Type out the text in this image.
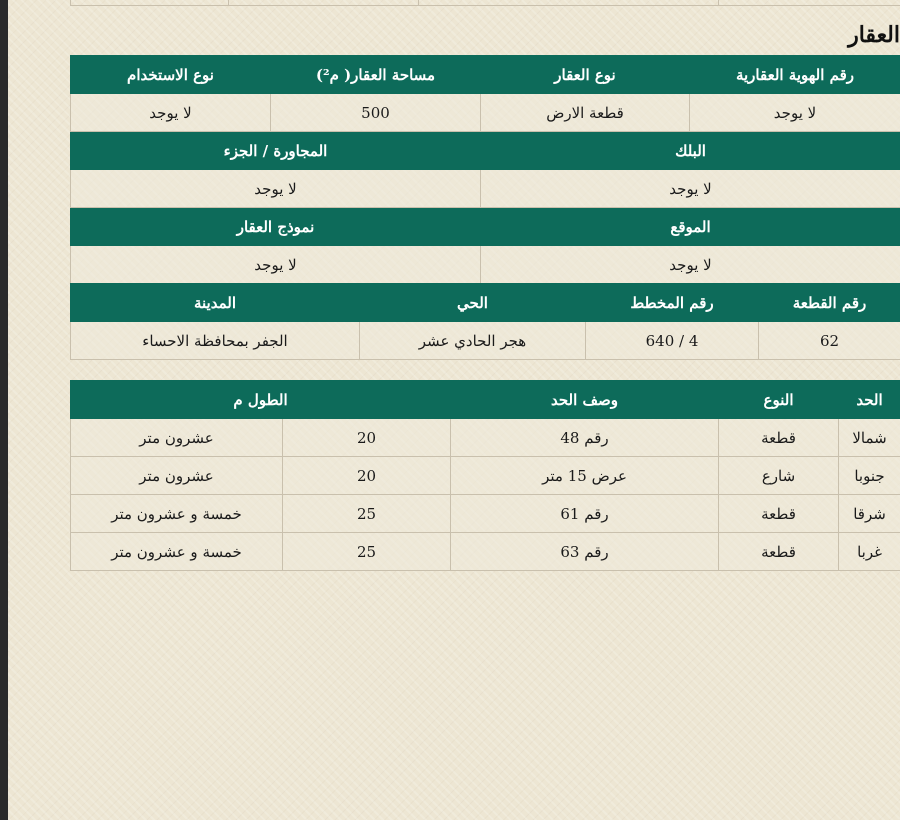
العقار
رقم الهوية العقارية	نوع العقار	مساحة العقار( م²)	نوع الاستخدام
لا يوجد	قطعة الارض	500	لا يوجد
البلك		المجاورة / الجزء	
لا يوجد		لا يوجد	
الموقع		نموذج العقار	
لا يوجد		لا يوجد	
رقم القطعة	رقم المخطط	الحي	المدينة
62	4 / 640	هجر الحادي عشر	الجفر بمحافظة الاحساء
الحد	النوع	وصف الحد	الطول م	
شمالا	قطعة	رقم 48	20	عشرون متر
جنوبا	شارع	عرض 15 متر	20	عشرون متر
شرقا	قطعة	رقم 61	25	خمسة و عشرون متر
غربا	قطعة	رقم 63	25	خمسة و عشرون متر
